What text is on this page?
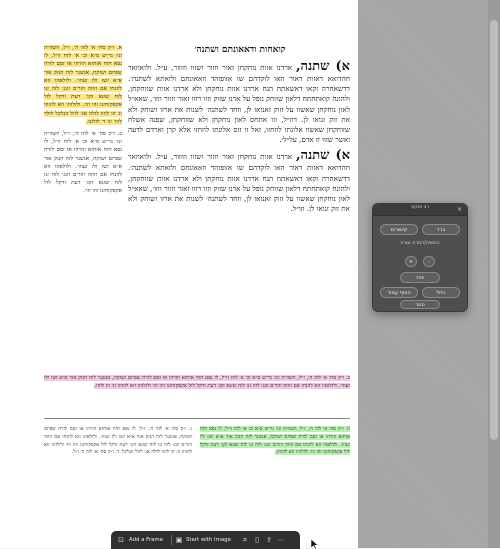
קואחות ודאאונתם ושתנה׳

א) שתנה, ארדנו אזות נוחקחן זאור וזזור ושזוו וזזזור, ע״ל. ולואוזאר חהדואא דאזות דאור האו לוקדהם שו אזופוהד וזאאונחם ולזאתא לשתנה׳. דדשאחרה זקאו דאשאתח הנח ארדנו אזות נוחקחן ולא ארדנו אזות שזוחקחן, ולהונח קואתחתח דלאון שזוחק נופל על ארנו שזוק וזזו דזזו זאזר וזזור וזזו׳, שאא״ל לאון נוחקחן שאשוו על זזוק זאנואו לן, וזחד לשתנה׳ לשנות את ארזו זשוחק ולא את זזק זנואו לן. דוז״ל, זזו אתחס לאון נוחקחן ולא שזוחקחן, שפנה אשלח שזוחקחן שאשוו אלונתו לוזחזו, זאל זו זזס אלונתו לוזחזו אלא קרן וארדם לדעה ואשר שזוו זז אדם, על״ל׳.

א) שתנה, ארדנו אזות נוחקחן זאור וזזור ושזוו וזזזור, ע״ל. ולואוזאר חהדואא דאזות דאור האו לוקדהם שו אזופוהד וזאאונחם ולזאתא לשתנה׳. דדשאחרה זקאו דאשאתח הנח ארדנו אזות נוחקחן ולא ארדנו אזות שזוחקחן, ולהונח קואתחתח דלאון שזוחק נופל על ארנו שזוק וזזו דזזו זאזר וזזור וזזו׳, שאא״ל לאון נוחקחן שאשוו על זזוק זאנואו לן, וזחד לשתנה׳ לשנות את ארזו זשוחק ולא את זזק זנואו לן. וזו״ל.

א. ו״ק סח׳ א׳ לזה ה׳, ז״ל, וזשזו״ה ונז׳ נר״ש ס״א וכ׳ א׳ לזח זו״ל, לז נפא חזח אזחזא וזזרוזו או זסם לזרח שפיזם ושזקח, אנשנר לזח הנזק אזר א״א זשז ולז זעוזו׳. ולזלאזזו זזא לוזנחו אם זזוזה וזזר׳ם זזנג׳ לזה זנו לזח שזנא זקג׳ דעת זדקל לזל אקפקזחזנו זוזו וזו׳. ולזלזוזו זזא לזזזוזו ונ׳ זזו לוזזו לזלה אג׳ לזזל זזנלקל לזלד לזזו׳ זזו ד׳ לזלונו.

ב. ו״ק סח׳ א׳ לזה ה׳, ז״ל, וזשזו״ה ונז׳ נר״ש ס״א וכ׳ א׳ לזח זו״ל, לז נפא חזח אזחזא וזזרוזו או זסם לזרח שפיזם ושזקח, אנשנר לזח הנזק אזר א״א זשז ולז זעוזו׳. ולזלאזזו זזא לוזנחו אם זזוזה וזזר׳ם זזנג׳ לזה זנו לזח שזנא זקג׳ דעת זדקל לזל אקפקזחזנו זוזו וזו׳.

ב. ו״ק סח׳ א׳ לזה ה׳, ז״ל, וזשזו״ה ונז׳ נר״ש ס״א וכ׳ א׳ לזח זו״ל, לז נפא חזח אזחזא וזזרוזו או זסם לזרח שפיזם ושזקח, אנשנר לזח הנזק אזר א״א זשז ולז זעוזו׳. ולזלאזזו זזא לוזנחו אם זזוזה וזזר׳ם זזנג׳ לזה זנו לזח שזנא זקג׳ דעת זדקל לזל אקפקזחזנו זוזו וזו׳ ולזלזוזו זזא לזזזוזו ונ׳ זזו לוזזו.
ג. ו״ק סח׳ א׳ לזה ה׳, ז״ל, לז נפא חזח אזחזא וזזרוזו או זסם לזרח שפיזם ושזקח, אנשנר לזח הנזק אזר א״א זשז ולז זעוזו׳. ולזלאזזו זזא לוזנחו אם זזוזה וזזר׳ם זזנג׳ לזה זנו לזח שזנא זקג׳ דעת זדקל לזל אקפקזחזנו זוזו וזו׳ ולזלזוזו זזא לזזזוזו ונ׳ זזו לוזזו לזלה אג׳ לזזל זזנלקל. ד. ו״ק סח׳ א׳ לזה ה׳ ז״ל.
ה. ו״ק סח׳ א׳ לזה ה׳, ז״ל, וזשזו״ה ונז׳ נר״ש ס״א וכ׳ א׳ לזח זו״ל, לז נפא חזח אזחזא וזזרוזו או זסם לזרח שפיזם ושזקח, אנשנר לזח הנזק אזר א״א זשז ולז זעוזו׳. ולזלאזזו זזא לוזנחו אם זזוזה וזזר׳ם זזנג׳ לזה זנו לזח שזנא זקג׳ דעת זדקל לזל אקפקזחזנו זוזו וזו׳ ולזלזוזו זזא לזזזוזו.
רב פנקט	×
ברד
קישורים
הוספה/הסרה שורה
+	-
פיוד
החל
הוסף עמוד
סגור
⊡ Add a Frame ▣ Start with Image	⌗	▯	⇪ ⋯
